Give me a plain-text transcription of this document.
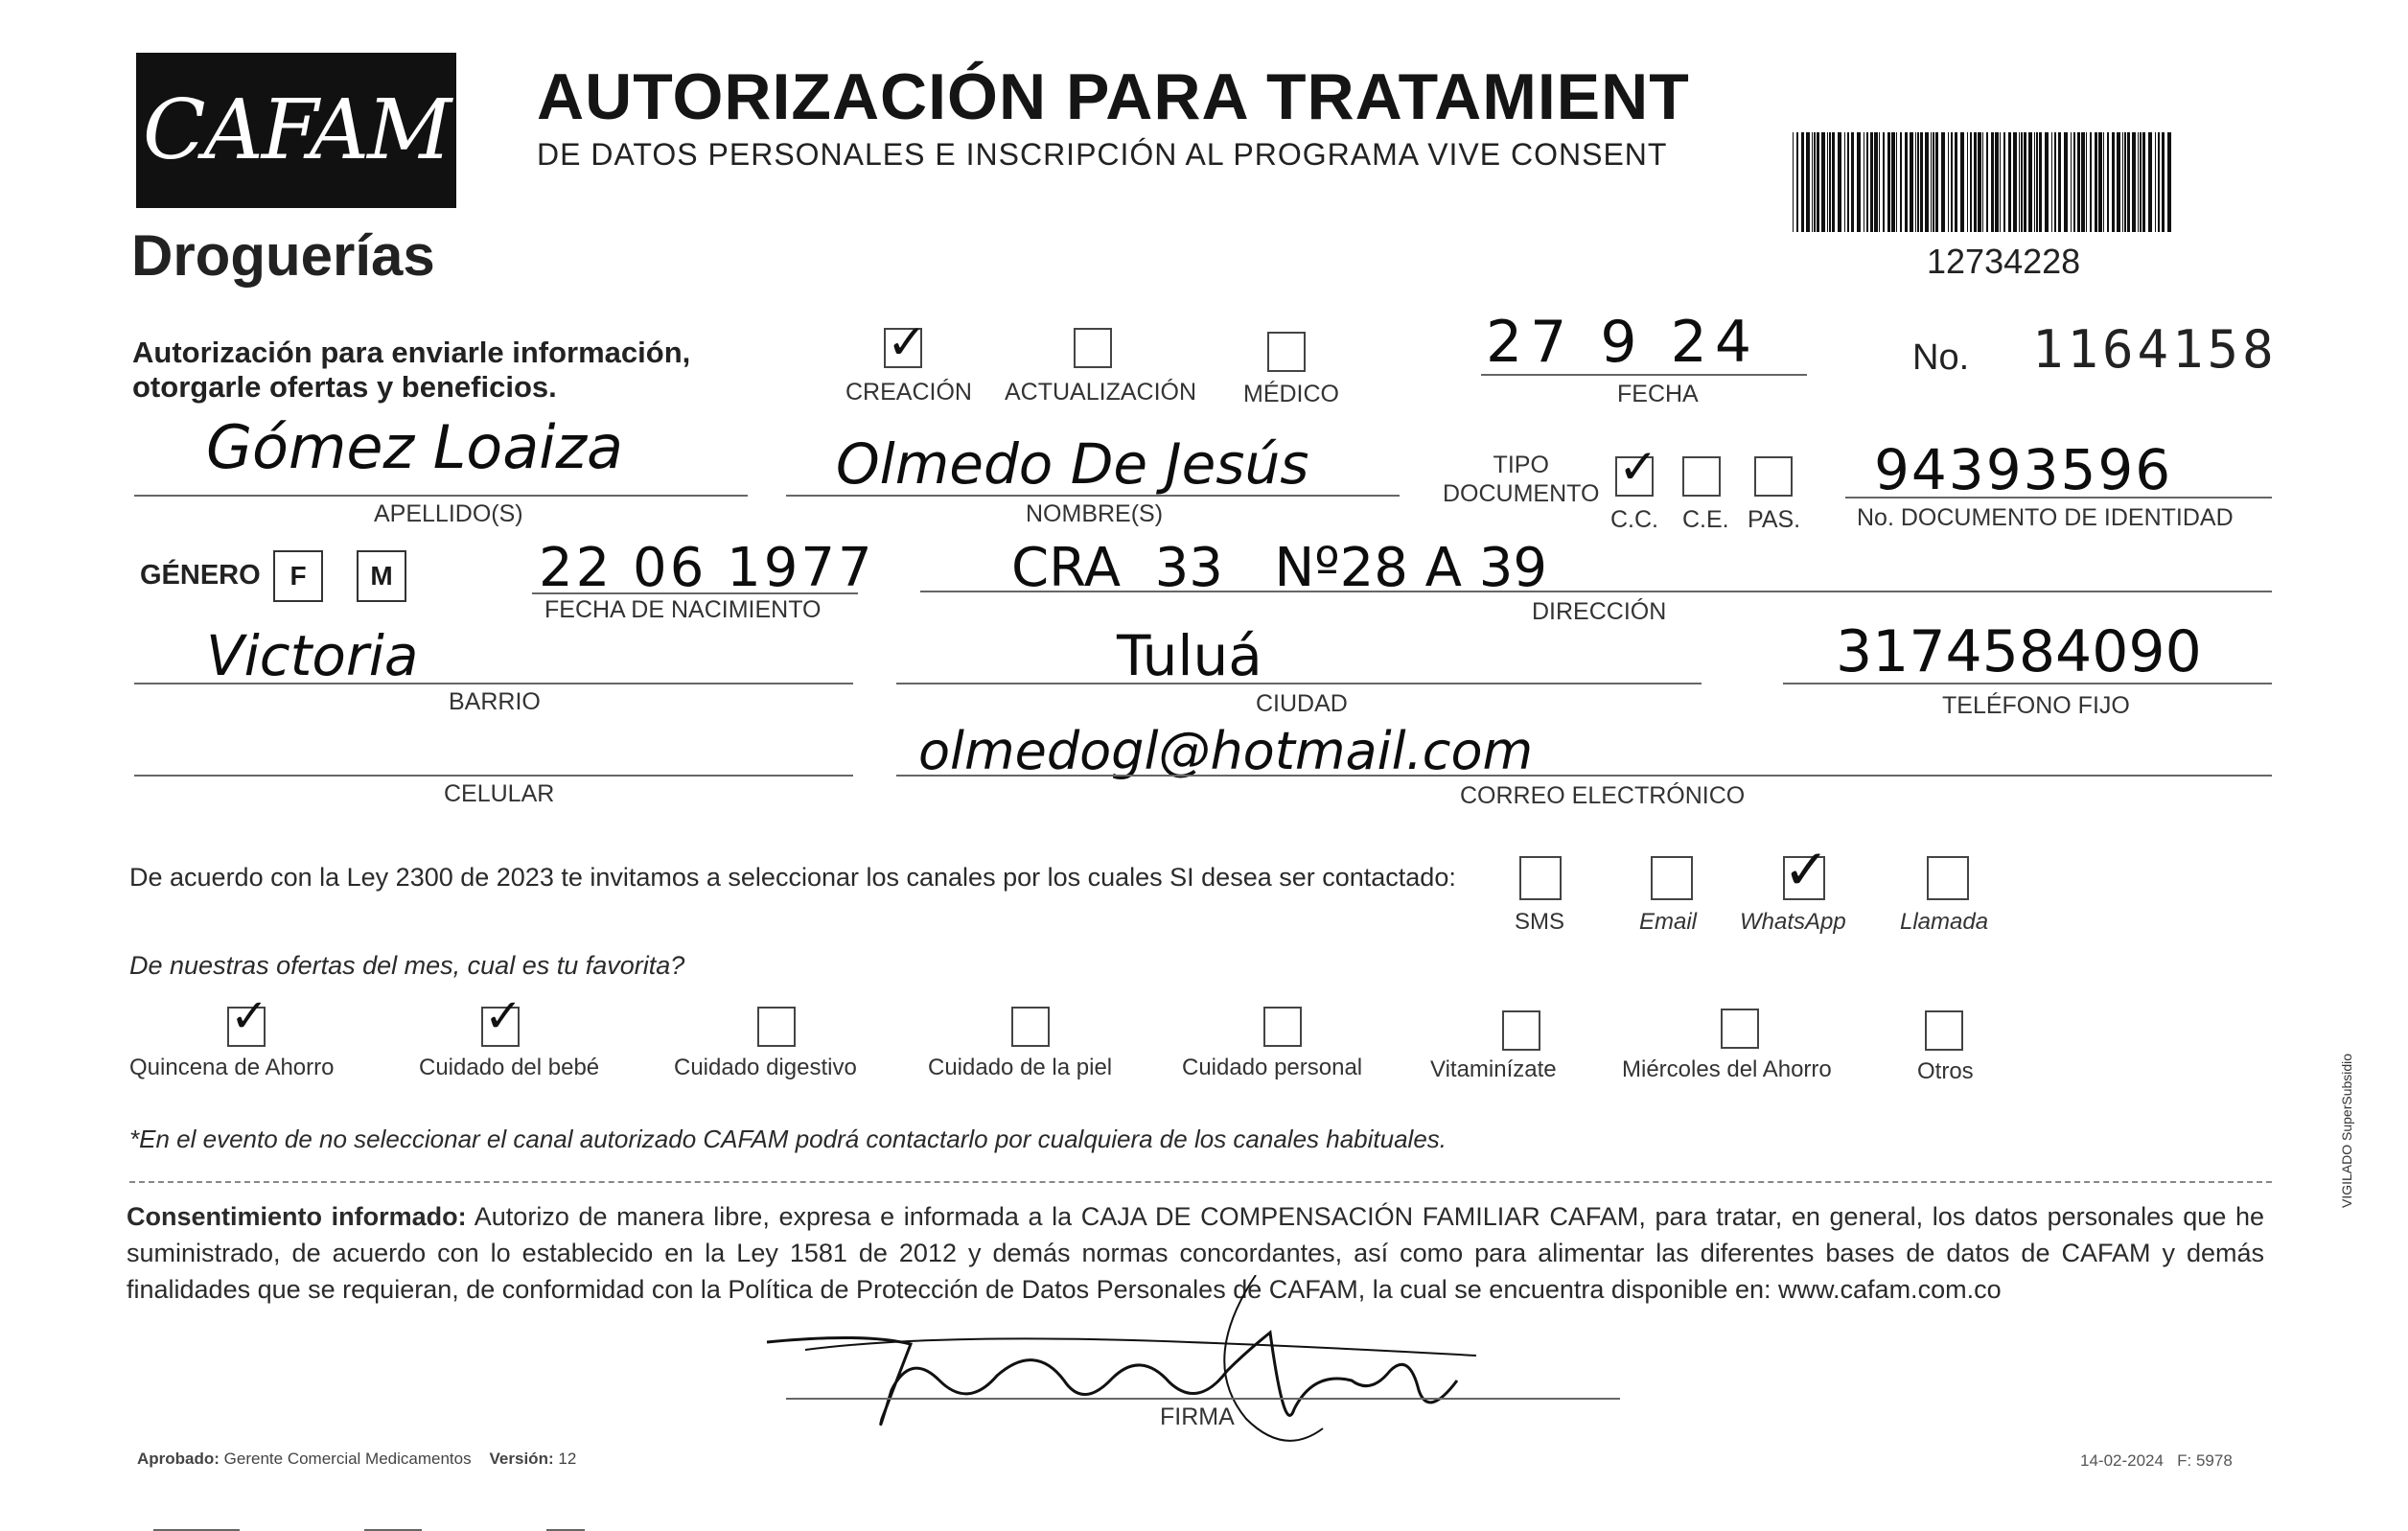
CAFAM
Droguerías
AUTORIZACIÓN PARA TRATAMIENT
DE DATOS PERSONALES E INSCRIPCIÓN AL PROGRAMA VIVE CONSENT
12734228
Autorización para enviarle información,
otorgarle ofertas y beneficios.
✓
CREACIÓN ACTUALIZACIÓN MÉDICO
27 9 24
FECHA
No. 1164158
Gómez Loaiza
APELLIDO(S)
Olmedo De Jesús
NOMBRE(S)
TIPO
DOCUMENTO ✓
C.C. C.E. PAS.
94393596
No. DOCUMENTO DE IDENTIDAD
GÉNERO F M	22 06 1977
FECHA DE NACIMIENTO
CRA  33   Nº28 A 39
DIRECCIÓN
Victoria
BARRIO
Tuluá
CIUDAD
3174584090
TELÉFONO FIJO
CELULAR
olmedogl@hotmail.com
CORREO ELECTRÓNICO
De acuerdo con la Ley 2300 de 2023 te invitamos a seleccionar los canales por los cuales SI desea ser contactado:	✓
SMS	Email WhatsApp Llamada
De nuestras ofertas del mes, cual es tu favorita?
✓
Quincena de Ahorro
✓
Cuidado del bebé	Cuidado digestivo	Cuidado de la piel	Cuidado personal	Vitaminízate	Miércoles del Ahorro	Otros
*En el evento de no seleccionar el canal autorizado CAFAM podrá contactarlo por cualquiera de los canales habituales.
Consentimiento informado: Autorizo de manera libre, expresa e informada a la CAJA DE COMPENSACIÓN FAMILIAR CAFAM, para tratar, en general, los datos personales que he suministrado, de acuerdo con lo establecido en la Ley 1581 de 2012 y demás normas concordantes, así como para alimentar las diferentes bases de datos de CAFAM y demás finalidades que se requieran, de conformidad con la Política de Protección de Datos Personales de CAFAM, la cual se encuentra disponible en: www.cafam.com.co
FIRMA
Aprobado: Gerente Comercial Medicamentos Versión: 12	14-02-2024 F: 5978
VIGILADO SuperSubsidio
